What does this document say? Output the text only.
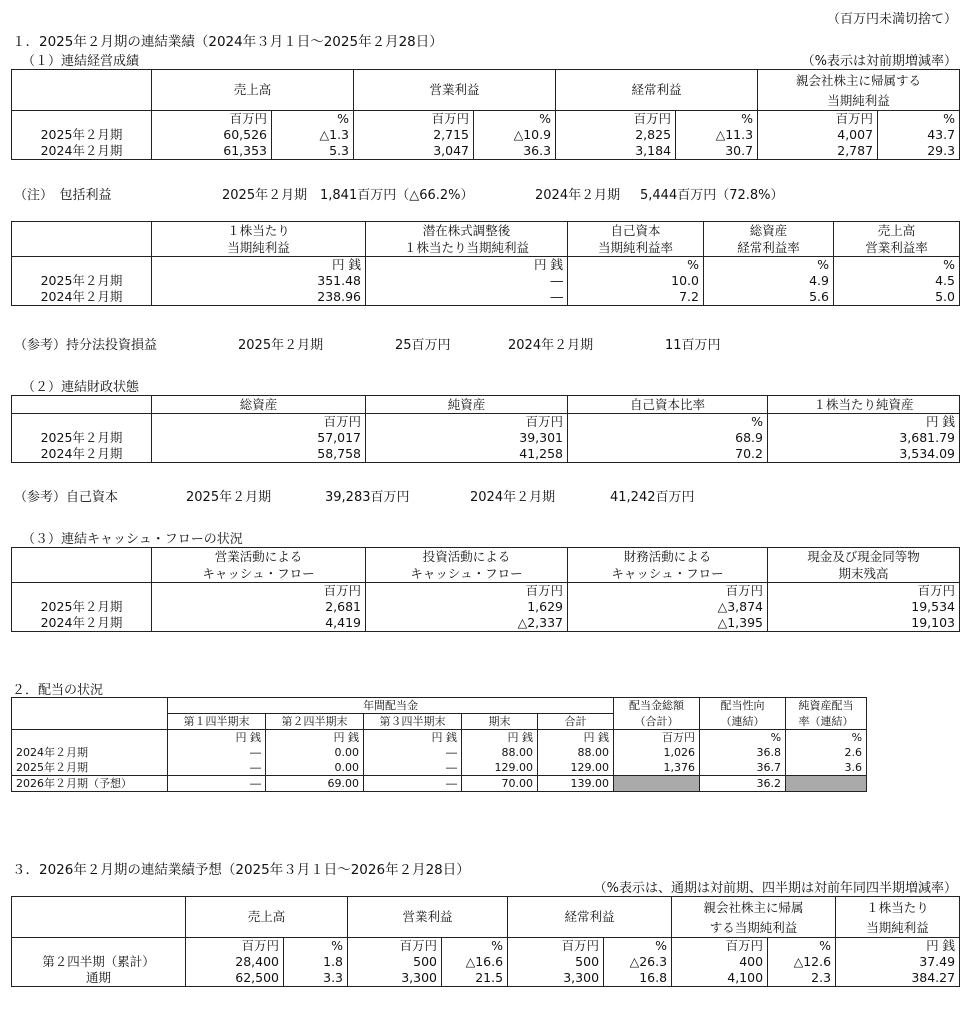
（百万円未満切捨て）
１．2025年２月期の連結業績（2024年３月１日～2025年２月28日）
（１）連結経営成績	（%表示は対前期増減率）
	売上高		営業利益		経常利益		親会社株主に帰属する	
							当期純利益	
	百万円	%	百万円	%	百万円	%	百万円	%
2025年２月期	60,526	△1.3	2,715	△10.9	2,825	△11.3	4,007	43.7
2024年２月期	61,353	5.3	3,047	36.3	3,184	30.7	2,787	29.3
（注）　包括利益	2025年２月期 1,841百万円（△66.2%）	2024年２月期 5,444百万円（72.8%）
	１株当たり	潜在株式調整後	自己資本	総資産	売上高
	当期純利益	１株当たり当期純利益	当期純利益率	経常利益率	営業利益率
	円 銭	円 銭	%	%	%
2025年２月期	351.48	―	10.0	4.9	4.5
2024年２月期	238.96	―	7.2	5.6	5.0
（参考）持分法投資損益	2025年２月期	25百万円	2024年２月期	11百万円
（２）連結財政状態
	総資産	純資産	自己資本比率	１株当たり純資産
	百万円	百万円	%	円 銭
2025年２月期	57,017	39,301	68.9	3,681.79
2024年２月期	58,758	41,258	70.2	3,534.09
（参考）自己資本	2025年２月期	39,283百万円	2024年２月期	41,242百万円
（３）連結キャッシュ・フローの状況
	営業活動による	投資活動による	財務活動による	現金及び現金同等物
	キャッシュ・フロー	キャッシュ・フロー	キャッシュ・フロー	期末残高
	百万円	百万円	百万円	百万円
2025年２月期	2,681	1,629	△3,874	19,534
2024年２月期	4,419	△2,337	△1,395	19,103
２．配当の状況
	年間配当金					配当金総額	配当性向	純資産配当
	第１四半期末	第２四半期末	第３四半期末	期末	合計	（合計）	（連結）	率（連結）
	円 銭	円 銭	円 銭	円 銭	円 銭	百万円	%	%
2024年２月期	―	0.00	―	88.00	88.00	1,026	36.8	2.6
2025年２月期	―	0.00	―	129.00	129.00	1,376	36.7	3.6
2026年２月期（予想）	―	69.00	―	70.00	139.00		36.2	
３．2026年２月期の連結業績予想（2025年３月１日～2026年２月28日）
（%表示は、通期は対前期、四半期は対前年同四半期増減率）
	売上高		営業利益		経常利益		親会社株主に帰属		１株当たり
							する当期純利益		当期純利益
	百万円	%	百万円	%	百万円	%	百万円	%	円 銭
第２四半期（累計）	28,400	1.8	500	△16.6	500	△26.3	400	△12.6	37.49
通期	62,500	3.3	3,300	21.5	3,300	16.8	4,100	2.3	384.27
